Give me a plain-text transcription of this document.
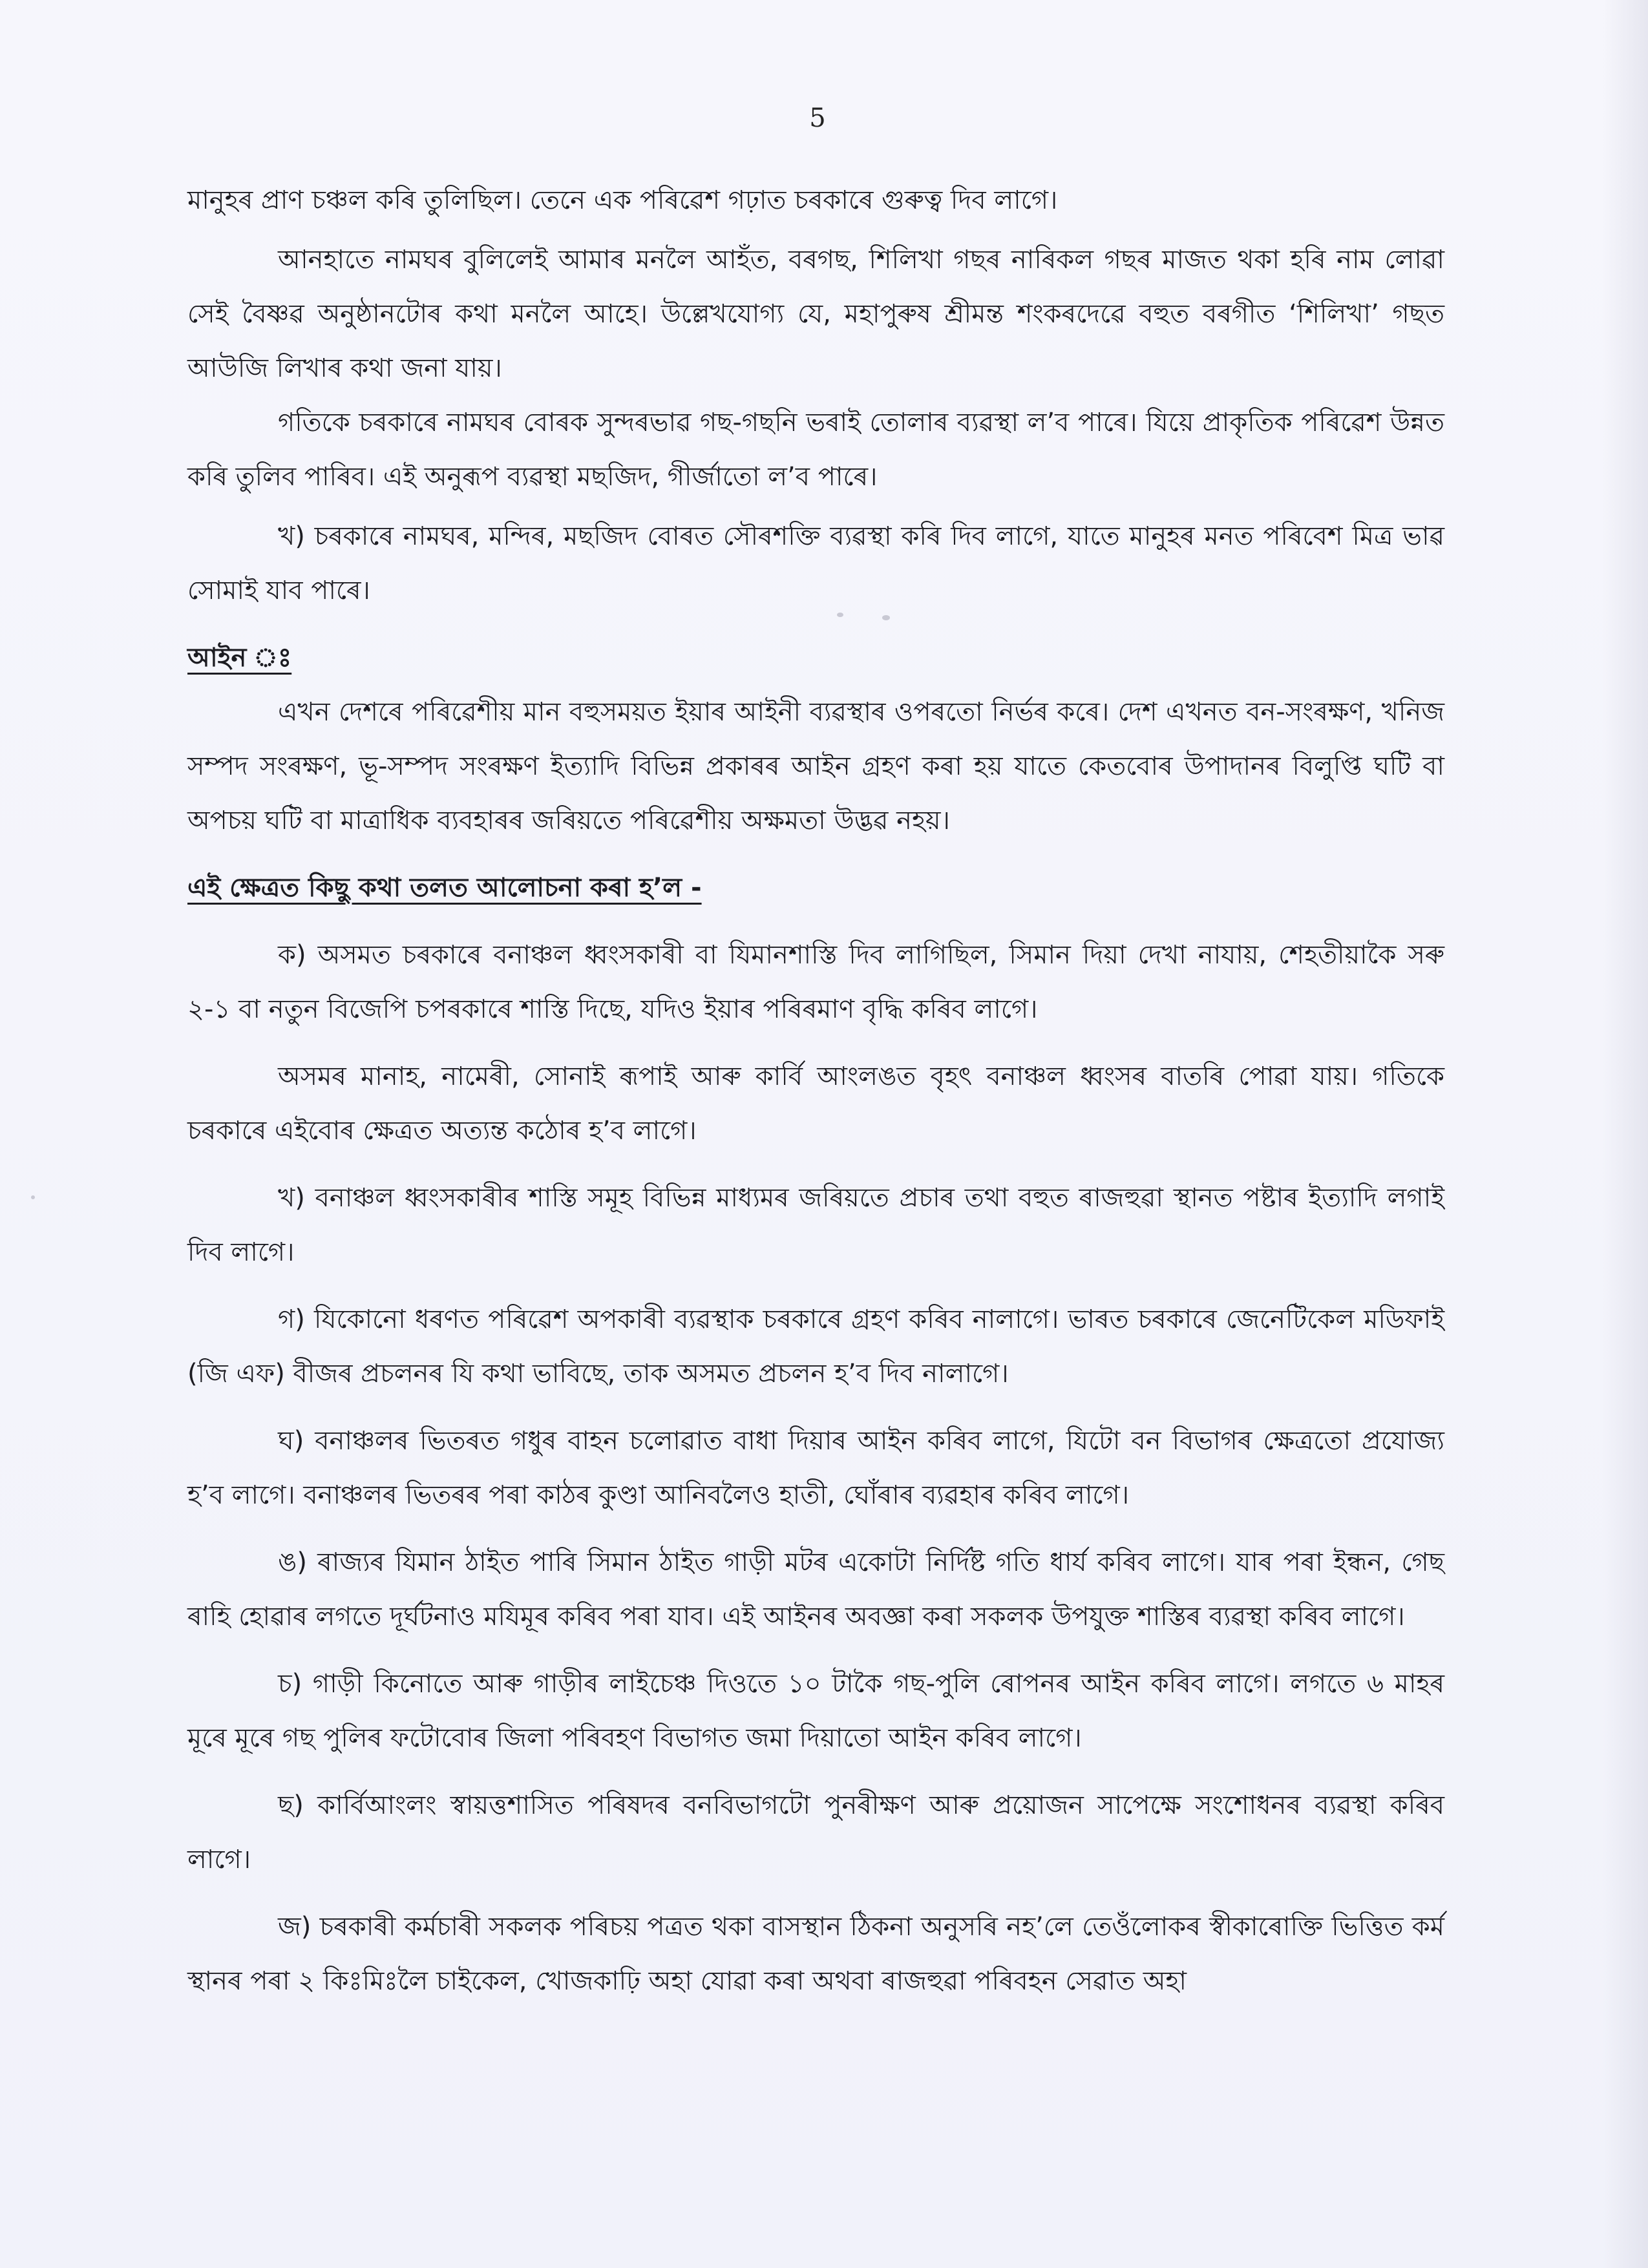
5

মানুহৰ প্ৰাণ চঞ্চল কৰি তুলিছিল। তেনে এক পৰিৱেশ গঢ়াত চৰকাৰে গুৰুত্ব দিব লাগে।

আনহাতে নামঘৰ বুলিলেই আমাৰ মনলৈ আহঁত, বৰগছ, শিলিখা গছৰ নাৰিকল গছৰ মাজত থকা হৰি নাম লোৱা সেই বৈষ্ণৱ অনুষ্ঠানটোৰ কথা মনলৈ আহে। উল্লেখযোগ্য যে, মহাপুৰুষ শ্ৰীমন্ত শংকৰদেৱে বহুত বৰগীত ‘শিলিখা’ গছত আউজি লিখাৰ কথা জনা যায়।

গতিকে চৰকাৰে নামঘৰ বোৰক সুন্দৰভাৱ গছ-গছনি ভৰাই তোলাৰ ব্যৱস্থা ল’ব পাৰে। যিয়ে প্ৰাকৃতিক পৰিৱেশ উন্নত কৰি তুলিব পাৰিব। এই অনুৰূপ ব্যৱস্থা মছজিদ, গীৰ্জাতো ল’ব পাৰে।

খ) চৰকাৰে নামঘৰ, মন্দিৰ, মছজিদ বোৰত সৌৰশক্তি ব্যৱস্থা কৰি দিব লাগে, যাতে মানুহৰ মনত পৰিবেশ মিত্ৰ ভাৱ সোমাই যাব পাৰে।

আইন ঃ

এখন দেশৰে পৰিৱেশীয় মান বহুসময়ত ইয়াৰ আইনী ব্যৱস্থাৰ ওপৰতো নিৰ্ভৰ কৰে। দেশ এখনত বন-সংৰক্ষণ, খনিজ সম্পদ সংৰক্ষণ, ভূ-সম্পদ সংৰক্ষণ ইত্যাদি বিভিন্ন প্ৰকাৰৰ আইন গ্ৰহণ কৰা হয় যাতে কেতবোৰ উপাদানৰ বিলুপ্তি ঘটি বা অপচয় ঘটি বা মাত্ৰাধিক ব্যবহাৰৰ জৰিয়তে পৰিৱেশীয় অক্ষমতা উদ্ভৱ নহয়।

এই ক্ষেত্ৰত কিছু কথা তলত আলোচনা কৰা হ’ল -

ক) অসমত চৰকাৰে বনাঞ্চল ধ্বংসকাৰী বা যিমানশাস্তি দিব লাগিছিল, সিমান দিয়া দেখা নাযায়, শেহতীয়াকৈ সৰু ২-১ বা নতুন বিজেপি চপৰকাৰে শাস্তি দিছে, যদিও ইয়াৰ পৰিৰমাণ বৃদ্ধি কৰিব লাগে।

অসমৰ মানাহ, নামেৰী, সোনাই ৰূপাই আৰু কাৰ্বি আংলঙত বৃহৎ বনাঞ্চল ধ্বংসৰ বাতৰি পোৱা যায়। গতিকে চৰকাৰে এইবোৰ ক্ষেত্ৰত অত্যন্ত কঠোৰ হ’ব লাগে।

খ) বনাঞ্চল ধ্বংসকাৰীৰ শাস্তি সমূহ বিভিন্ন মাধ্যমৰ জৰিয়তে প্ৰচাৰ তথা বহুত ৰাজহুৱা স্থানত পষ্টাৰ ইত্যাদি লগাই দিব লাগে।

গ) যিকোনো ধৰণত পৰিৱেশ অপকাৰী ব্যৱস্থাক চৰকাৰে গ্ৰহণ কৰিব নালাগে। ভাৰত চৰকাৰে জেনেটিকেল মডিফাই (জি এফ) বীজৰ প্ৰচলনৰ যি কথা ভাবিছে, তাক অসমত প্ৰচলন হ’ব দিব নালাগে।

ঘ) বনাঞ্চলৰ ভিতৰত গধুৰ বাহন চলোৱাত বাধা দিয়াৰ আইন কৰিব লাগে, যিটো বন বিভাগৰ ক্ষেত্ৰতো প্ৰযোজ্য হ’ব লাগে। বনাঞ্চলৰ ভিতৰৰ পৰা কাঠৰ কুণ্ডা আনিবলৈও হাতী, ঘোঁৰাৰ ব্যৱহাৰ কৰিব লাগে।

ঙ) ৰাজ্যৰ যিমান ঠাইত পাৰি সিমান ঠাইত গাড়ী মটৰ একোটা নিৰ্দিষ্ট গতি ধাৰ্য কৰিব লাগে। যাৰ পৰা ইন্ধন, গেছ ৰাহি হোৱাৰ লগতে দূৰ্ঘটনাও মযিমূৰ কৰিব পৰা যাব। এই আইনৰ অবজ্ঞা কৰা সকলক উপযুক্ত শাস্তিৰ ব্যৱস্থা কৰিব লাগে।

চ) গাড়ী কিনোতে আৰু গাড়ীৰ লাইচেঞ্চ দিওতে ১০ টাকৈ গছ-পুলি ৰোপনৰ আইন কৰিব লাগে। লগতে ৬ মাহৰ মূৰে মূৰে গছ পুলিৰ ফটোবোৰ জিলা পৰিবহণ বিভাগত জমা দিয়াতো আইন কৰিব লাগে।

ছ) কাৰ্বিআংলং স্বায়ত্তশাসিত পৰিষদৰ বনবিভাগটো পুনৰীক্ষণ আৰু প্ৰয়োজন সাপেক্ষে সংশোধনৰ ব্যৱস্থা কৰিব লাগে।

জ) চৰকাৰী কৰ্মচাৰী সকলক পৰিচয় পত্ৰত থকা বাসস্থান ঠিকনা অনুসৰি নহ’লে তেওঁলোকৰ স্বীকাৰোক্তি ভিত্তিত কৰ্ম স্থানৰ পৰা ২ কিঃমিঃলৈ চাইকেল, খোজকাঢ়ি অহা যোৱা কৰা অথবা ৰাজহুৱা পৰিবহন সেৱাত অহা
